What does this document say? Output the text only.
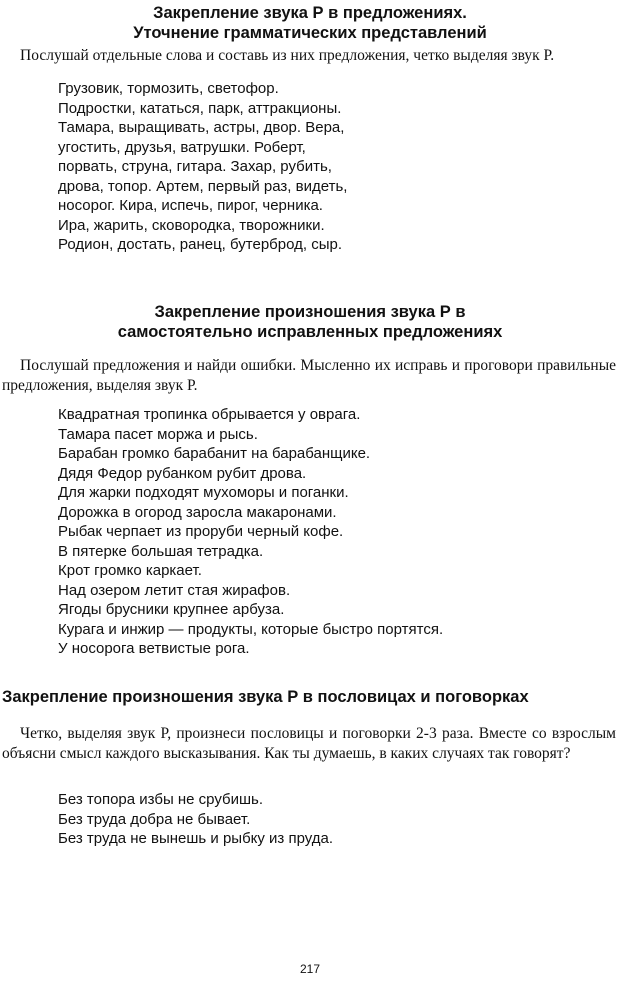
Закрепление звука Р в предложениях.

Уточнение грамматических представлений

Послушай отдельные слова и составь из них предложения, четко выделяя звук Р.

Грузовик, тормозить, светофор.
Подростки, кататься, парк, аттракционы.
Тамара, выращивать, астры, двор. Вера,
угостить, друзья, ватрушки. Роберт,
порвать, струна, гитара. Захар, рубить,
дрова, топор. Артем, первый раз, видеть,
носорог. Кира, испечь, пирог, черника.
Ира, жарить, сковородка, творожники.
Родион, достать, ранец, бутерброд, сыр.

Закрепление произношения звука Р в

самостоятельно исправленных предложениях

Послушай предложения и найди ошибки. Мысленно их исправь и проговори правильные предложения, выделяя звук Р.

Квадратная тропинка обрывается у оврага.
Тамара пасет моржа и рысь.
Барабан громко барабанит на барабанщике.
Дядя Федор рубанком рубит дрова.
Для жарки подходят мухоморы и поганки.
Дорожка в огород заросла макаронами.
Рыбак черпает из проруби черный кофе.
В пятерке большая тетрадка.
Крот громко каркает.
Над озером летит стая жирафов.
Ягоды брусники крупнее арбуза.
Курага и инжир — продукты, которые быстро портятся.
У носорога ветвистые рога.

Закрепление произношения звука Р в пословицах и поговорках

Четко, выделяя звук Р, произнеси пословицы и поговорки 2-3 раза. Вместе со взрослым объясни смысл каждого высказывания. Как ты думаешь, в каких случаях так говорят?

Без топора избы не срубишь.
Без труда добра не бывает.
Без труда не вынешь и рыбку из пруда.
217
